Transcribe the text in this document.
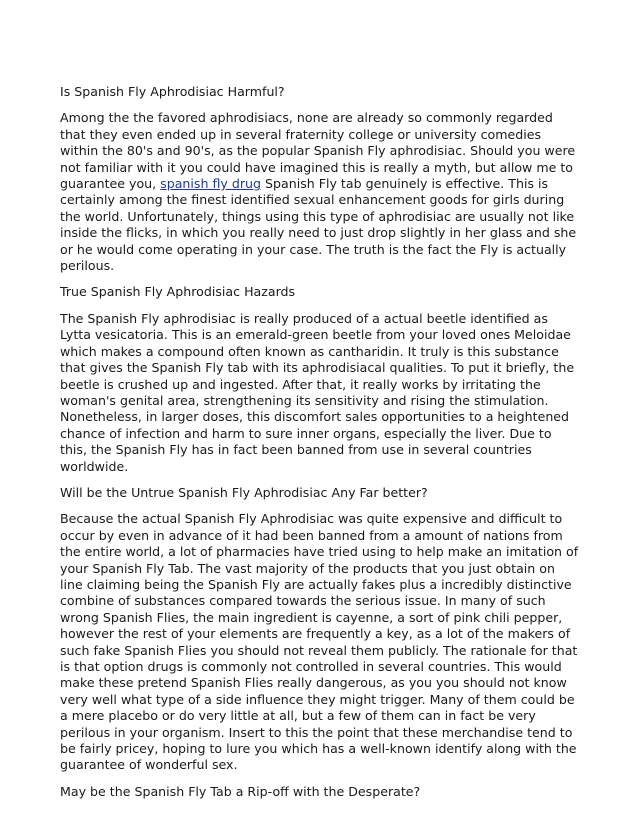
Is Spanish Fly Aphrodisiac Harmful?

Among the the favored aphrodisiacs, none are already so commonly regarded that they even ended up in several fraternity college or university comedies within the 80's and 90's, as the popular Spanish Fly aphrodisiac. Should you were not familiar with it you could have imagined this is really a myth, but allow me to guarantee you, spanish fly drug Spanish Fly tab genuinely is effective. This is certainly among the finest identified sexual enhancement goods for girls during the world. Unfortunately, things using this type of aphrodisiac are usually not like inside the flicks, in which you really need to just drop slightly in her glass and she or he would come operating in your case. The truth is the fact the Fly is actually perilous.

True Spanish Fly Aphrodisiac Hazards

The Spanish Fly aphrodisiac is really produced of a actual beetle identified as Lytta vesicatoria. This is an emerald-green beetle from your loved ones Meloidae which makes a compound often known as cantharidin. It truly is this substance that gives the Spanish Fly tab with its aphrodisiacal qualities. To put it briefly, the beetle is crushed up and ingested. After that, it really works by irritating the woman's genital area, strengthening its sensitivity and rising the stimulation. Nonetheless, in larger doses, this discomfort sales opportunities to a heightened chance of infection and harm to sure inner organs, especially the liver. Due to this, the Spanish Fly has in fact been banned from use in several countries worldwide.

Will be the Untrue Spanish Fly Aphrodisiac Any Far better?

Because the actual Spanish Fly Aphrodisiac was quite expensive and difficult to occur by even in advance of it had been banned from a amount of nations from the entire world, a lot of pharmacies have tried using to help make an imitation of your Spanish Fly Tab. The vast majority of the products that you just obtain on line claiming being the Spanish Fly are actually fakes plus a incredibly distinctive combine of substances compared towards the serious issue. In many of such wrong Spanish Flies, the main ingredient is cayenne, a sort of pink chili pepper, however the rest of your elements are frequently a key, as a lot of the makers of such fake Spanish Flies you should not reveal them publicly. The rationale for that is that option drugs is commonly not controlled in several countries. This would make these pretend Spanish Flies really dangerous, as you you should not know very well what type of a side influence they might trigger. Many of them could be a mere placebo or do very little at all, but a few of them can in fact be very perilous in your organism. Insert to this the point that these merchandise tend to be fairly pricey, hoping to lure you which has a well-known identify along with the guarantee of wonderful sex.

May be the Spanish Fly Tab a Rip-off with the Desperate?
